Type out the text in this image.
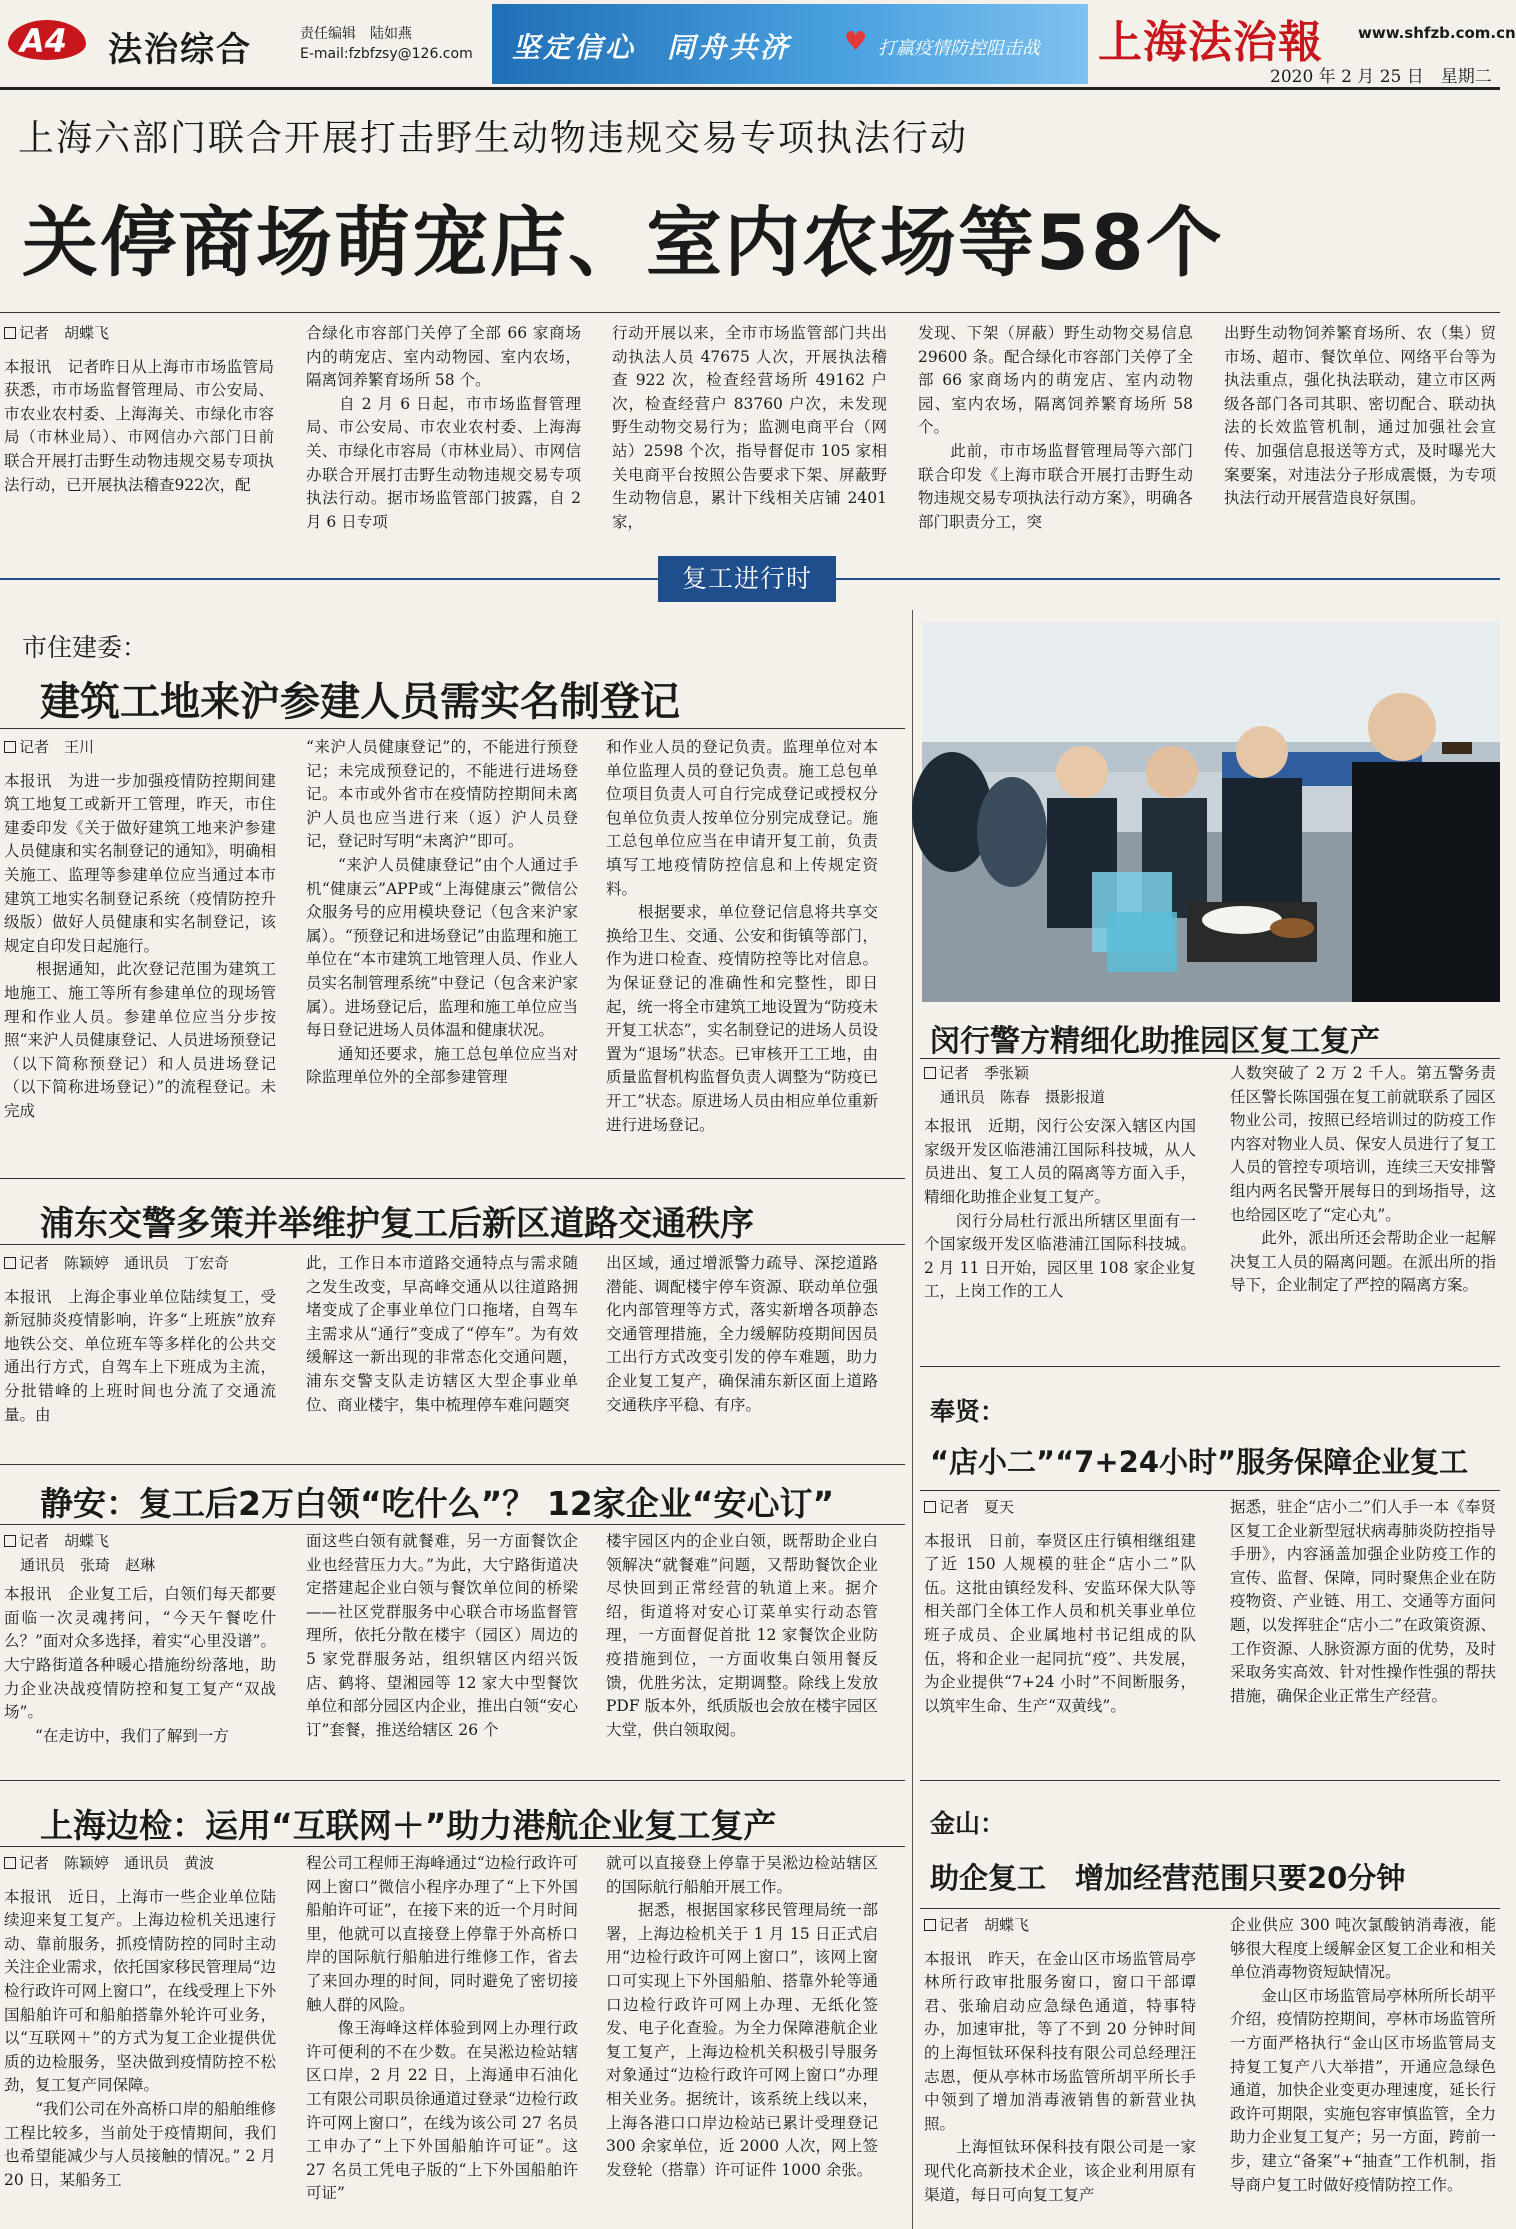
A4 法治综合	责任编辑　陆如燕
E-mail:fzbfzsy@126.com 坚定信心　同舟共济 ♥ 打赢疫情防控阻击战 上海法治報 www.shfzb.com.cn
2020 年 2 月 25 日　星期二
上海六部门联合开展打击野生动物违规交易专项执法行动
关停商场萌宠店、室内农场等58个
记者　胡蝶飞
本报讯　记者昨日从上海市市场监管局获悉，市市场监督管理局、市公安局、市农业农村委、上海海关、市绿化市容局（市林业局）、市网信办六部门日前联合开展打击野生动物违规交易专项执法行动，已开展执法稽查922次，配
合绿化市容部门关停了全部 66 家商场内的萌宠店、室内动物园、室内农场，隔离饲养繁育场所 58 个。
　　自 2 月 6 日起，市市场监督管理局、市公安局、市农业农村委、上海海关、市绿化市容局（市林业局）、市网信办联合开展打击野生动物违规交易专项执法行动。据市场监管部门披露，自 2 月 6 日专项
行动开展以来，全市市场监管部门共出动执法人员 47675 人次，开展执法稽查 922 次，检查经营场所 49162 户次，检查经营户 83760 户次，未发现野生动物交易行为；监测电商平台（网站）2598 个次，指导督促市 105 家相关电商平台按照公告要求下架、屏蔽野生动物信息，累计下线相关店铺 2401 家，
发现、下架（屏蔽）野生动物交易信息 29600 条。配合绿化市容部门关停了全部 66 家商场内的萌宠店、室内动物园、室内农场，隔离饲养繁育场所 58 个。
　　此前，市市场监督管理局等六部门联合印发《上海市联合开展打击野生动物违规交易专项执法行动方案》，明确各部门职责分工，突
出野生动物饲养繁育场所、农（集）贸市场、超市、餐饮单位、网络平台等为执法重点，强化执法联动，建立市区两级各部门各司其职、密切配合、联动执法的长效监管机制，通过加强社会宣传、加强信息报送等方式，及时曝光大案要案，对违法分子形成震慑，为专项执法行动开展营造良好氛围。
复工进行时
市住建委：
建筑工地来沪参建人员需实名制登记
记者　王川
本报讯　为进一步加强疫情防控期间建筑工地复工或新开工管理，昨天，市住建委印发《关于做好建筑工地来沪参建人员健康和实名制登记的通知》，明确相关施工、监理等参建单位应当通过本市建筑工地实名制登记系统（疫情防控升级版）做好人员健康和实名制登记，该规定自印发日起施行。
　　根据通知，此次登记范围为建筑工地施工、施工等所有参建单位的现场管理和作业人员。参建单位应当分步按照“来沪人员健康登记、人员进场预登记（以下简称预登记）和人员进场登记（以下简称进场登记）”的流程登记。未完成
“来沪人员健康登记”的，不能进行预登记；未完成预登记的，不能进行进场登记。本市或外省市在疫情防控期间未离沪人员也应当进行来（返）沪人员登记，登记时写明“未离沪”即可。
　　“来沪人员健康登记”由个人通过手机“健康云”APP或“上海健康云”微信公众服务号的应用模块登记（包含来沪家属）。“预登记和进场登记”由监理和施工单位在“本市建筑工地管理人员、作业人员实名制管理系统”中登记（包含来沪家属）。进场登记后，监理和施工单位应当每日登记进场人员体温和健康状况。
　　通知还要求，施工总包单位应当对除监理单位外的全部参建管理
和作业人员的登记负责。监理单位对本单位监理人员的登记负责。施工总包单位项目负责人可自行完成登记或授权分包单位负责人按单位分别完成登记。施工总包单位应当在申请开复工前，负责填写工地疫情防控信息和上传规定资料。
　　根据要求，单位登记信息将共享交换给卫生、交通、公安和街镇等部门，作为进口检查、疫情防控等比对信息。为保证登记的准确性和完整性，即日起，统一将全市建筑工地设置为“防疫未开复工状态”，实名制登记的进场人员设置为“退场”状态。已审核开工工地，由质量监督机构监督负责人调整为“防疫已开工”状态。原进场人员由相应单位重新进行进场登记。
浦东交警多策并举维护复工后新区道路交通秩序
记者　陈颖婷　通讯员　丁宏奇
本报讯　上海企事业单位陆续复工，受新冠肺炎疫情影响，许多“上班族”放弃地铁公交、单位班车等多样化的公共交通出行方式，自驾车上下班成为主流，分批错峰的上班时间也分流了交通流量。由
此，工作日本市道路交通特点与需求随之发生改变，早高峰交通从以往道路拥堵变成了企事业单位门口拖堵，自驾车主需求从“通行”变成了“停车”。为有效缓解这一新出现的非常态化交通问题，浦东交警支队走访辖区大型企事业单位、商业楼宇，集中梳理停车难问题突
出区域，通过增派警力疏导、深挖道路潜能、调配楼宇停车资源、联动单位强化内部管理等方式，落实新增各项静态交通管理措施，全力缓解防疫期间因员工出行方式改变引发的停车难题，助力企业复工复产，确保浦东新区面上道路交通秩序平稳、有序。
静安：复工后2万白领“吃什么”？ 12家企业“安心订”
记者　胡蝶飞
通讯员　张琦　赵琳
本报讯　企业复工后，白领们每天都要面临一次灵魂拷问，“今天午餐吃什么？”面对众多选择，着实“心里没谱”。大宁路街道各种暖心措施纷纷落地，助力企业决战疫情防控和复工复产“双战场”。
　　“在走访中，我们了解到一方
面这些白领有就餐难，另一方面餐饮企业也经营压力大。”为此，大宁路街道决定搭建起企业白领与餐饮单位间的桥梁——社区党群服务中心联合市场监督管理所，依托分散在楼宇（园区）周边的 5 家党群服务站，组织辖区内绍兴饭店、鹤将、望湘园等 12 家大中型餐饮单位和部分园区内企业，推出白领“安心订”套餐，推送给辖区 26 个
楼宇园区内的企业白领，既帮助企业白领解决“就餐难”问题，又帮助餐饮企业尽快回到正常经营的轨道上来。据介绍，街道将对安心订菜单实行动态管理，一方面督促首批 12 家餐饮企业防疫措施到位，一方面收集白领用餐反馈，优胜劣汰，定期调整。除线上发放 PDF 版本外，纸质版也会放在楼宇园区大堂，供白领取阅。
上海边检：运用“互联网＋”助力港航企业复工复产
记者　陈颖婷　通讯员　黄波
本报讯　近日，上海市一些企业单位陆续迎来复工复产。上海边检机关迅速行动、靠前服务，抓疫情防控的同时主动关注企业需求，依托国家移民管理局“边检行政许可网上窗口”，在线受理上下外国船舶许可和船舶搭靠外轮许可业务，以“互联网＋”的方式为复工企业提供优质的边检服务，坚决做到疫情防控不松劲，复工复产同保障。
　　“我们公司在外高桥口岸的船舶维修工程比较多，当前处于疫情期间，我们也希望能减少与人员接触的情况。” 2 月 20 日，某船务工
程公司工程师王海峰通过“边检行政许可网上窗口”微信小程序办理了“上下外国船舶许可证”，在接下来的近一个月时间里，他就可以直接登上停靠于外高桥口岸的国际航行船舶进行维修工作，省去了来回办理的时间，同时避免了密切接触人群的风险。
　　像王海峰这样体验到网上办理行政许可便利的不在少数。在吴淞边检站辖区口岸，2 月 22 日，上海通申石油化工有限公司职员徐通道过登录“边检行政许可网上窗口”，在线为该公司 27 名员工申办了“上下外国船舶许可证”。这 27 名员工凭电子版的“上下外国船舶许可证”
就可以直接登上停靠于吴淞边检站辖区的国际航行船舶开展工作。
　　据悉，根据国家移民管理局统一部署，上海边检机关于 1 月 15 日正式启用“边检行政许可网上窗口”，该网上窗口可实现上下外国船舶、搭靠外轮等通口边检行政许可网上办理、无纸化签发、电子化查验。为全力保障港航企业复工复产，上海边检机关积极引导服务对象通过“边检行政许可网上窗口”办理相关业务。据统计，该系统上线以来，上海各港口口岸边检站已累计受理登记 300 余家单位，近 2000 人次，网上签发登轮（搭靠）许可证件 1000 余张。
闵行警方精细化助推园区复工复产
记者　季张颖
通讯员　陈春　摄影报道
本报讯　近期，闵行公安深入辖区内国家级开发区临港浦江国际科技城，从人员进出、复工人员的隔离等方面入手，精细化助推企业复工复产。
　　闵行分局杜行派出所辖区里面有一个国家级开发区临港浦江国际科技城。2 月 11 日开始，园区里 108 家企业复工，上岗工作的工人
人数突破了 2 万 2 千人。第五警务责任区警长陈国强在复工前就联系了园区物业公司，按照已经培训过的防疫工作内容对物业人员、保安人员进行了复工人员的管控专项培训，连续三天安排警组内两名民警开展每日的到场指导，这也给园区吃了“定心丸”。
　　此外，派出所还会帮助企业一起解决复工人员的隔离问题。在派出所的指导下，企业制定了严控的隔离方案。
奉贤：
“店小二”“7+24小时”服务保障企业复工
记者　夏天
本报讯　日前，奉贤区庄行镇相继组建了近 150 人规模的驻企“店小二”队伍。这批由镇经发科、安监环保大队等相关部门全体工作人员和机关事业单位班子成员、企业属地村书记组成的队伍，将和企业一起同抗“疫”、共发展，为企业提供“7+24 小时”不间断服务，以筑牢生命、生产“双黄线”。
据悉，驻企“店小二”们人手一本《奉贤区复工企业新型冠状病毒肺炎防控指导手册》，内容涵盖加强企业防疫工作的宣传、监督、保障，同时聚焦企业在防疫物资、产业链、用工、交通等方面问题，以发挥驻企“店小二”在政策资源、工作资源、人脉资源方面的优势，及时采取务实高效、针对性操作性强的帮扶措施，确保企业正常生产经营。
金山：
助企复工　增加经营范围只要20分钟
记者　胡蝶飞
本报讯　昨天，在金山区市场监管局亭林所行政审批服务窗口，窗口干部谭君、张瑜启动应急绿色通道，特事特办，加速审批，等了不到 20 分钟时间的上海恒钛环保科技有限公司总经理汪志恩，便从亭林市场监管所胡平所长手中领到了增加消毒液销售的新营业执照。
　　上海恒钛环保科技有限公司是一家现代化高新技术企业，该企业利用原有渠道，每日可向复工复产
企业供应 300 吨次氯酸钠消毒液，能够很大程度上缓解金区复工企业和相关单位消毒物资短缺情况。
　　金山区市场监管局亭林所所长胡平介绍，疫情防控期间，亭林市场监管所一方面严格执行“金山区市场监管局支持复工复产八大举措”，开通应急绿色通道，加快企业变更办理速度，延长行政许可期限，实施包容审慎监管，全力助力企业复工复产；另一方面，跨前一步，建立“备案”+“抽查”工作机制，指导商户复工时做好疫情防控工作。
